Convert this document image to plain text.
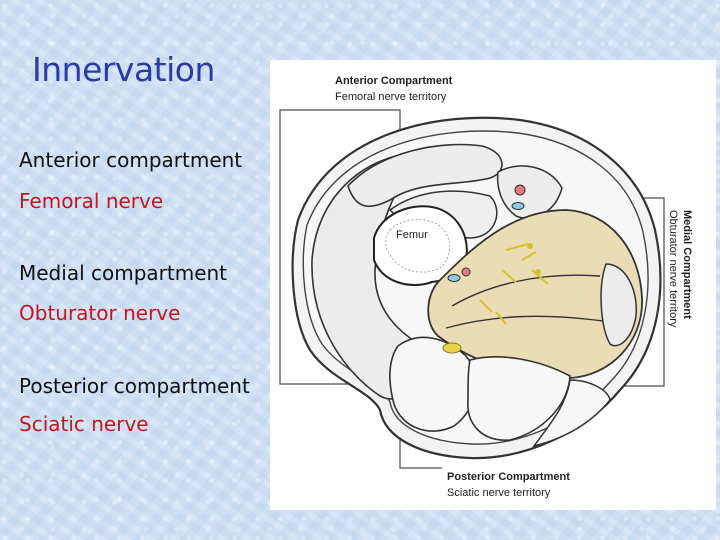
Innervation
Anterior compartment
Femoral nerve
Medial compartment
Obturator nerve
Posterior compartment
Sciatic nerve
Anterior Compartment
Femoral nerve territory
Femur
Posterior Compartment
Sciatic nerve territory
Medial Compartment
Obturator nerve territory
